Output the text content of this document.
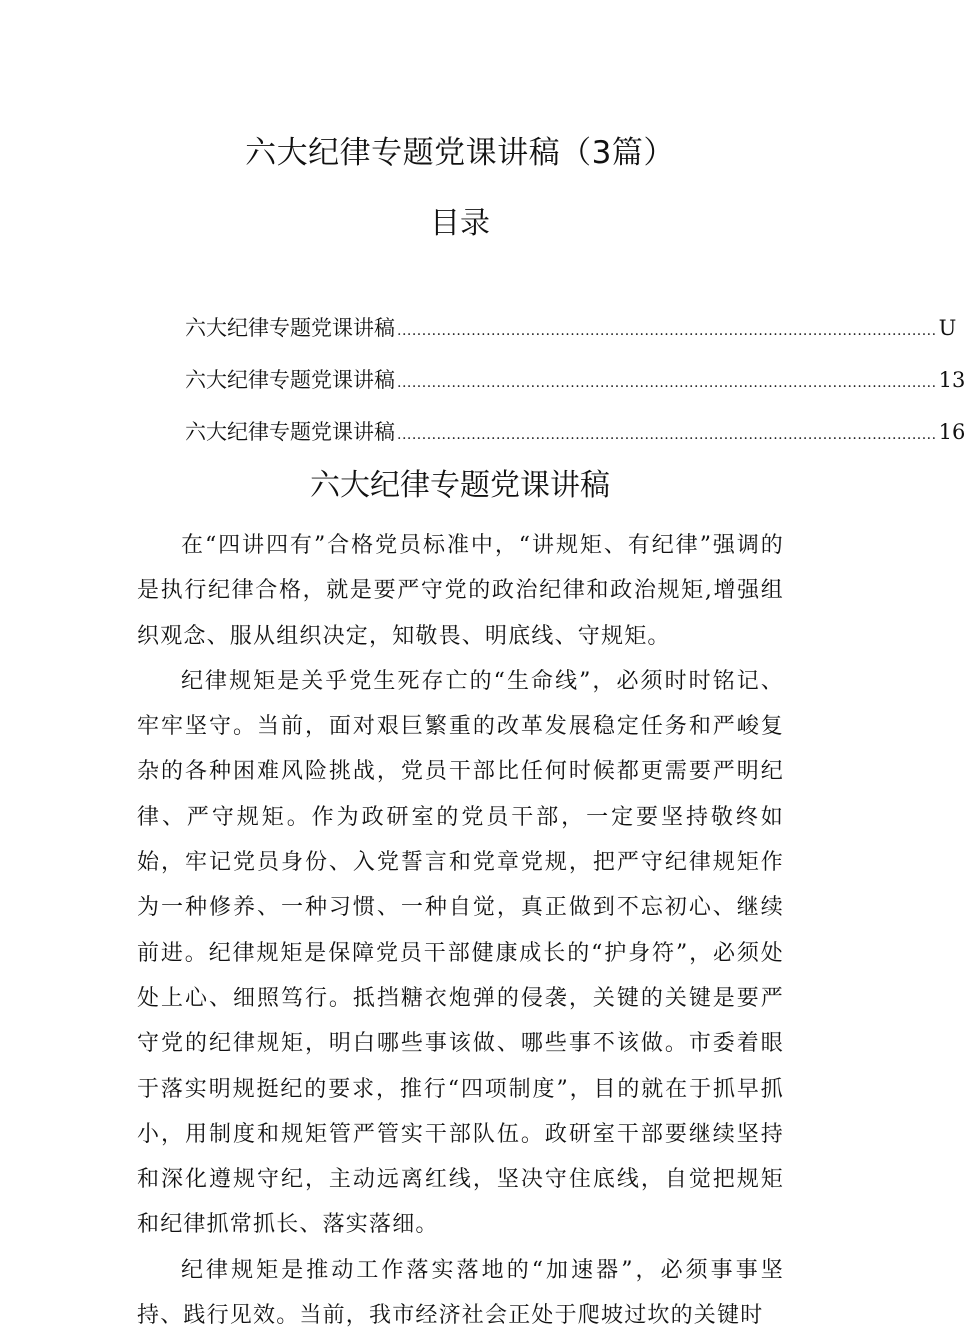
六大纪律专题党课讲稿（3篇）
目录
六大纪律专题党课讲稿 ............................................................................................................. U
六大纪律专题党课讲稿 ............................................................................................................. 13
六大纪律专题党课讲稿 ............................................................................................................. 16
六大纪律专题党课讲稿

在“四讲四有”合格党员标准中，“讲规矩、有纪律”强调的是执行纪律合格，就是要严守党的政治纪律和政治规矩,增强组织观念、服从组织决定，知敬畏、明底线、守规矩。

纪律规矩是关乎党生死存亡的“生命线”，必须时时铭记、牢牢坚守。当前，面对艰巨繁重的改革发展稳定任务和严峻复杂的各种困难风险挑战，党员干部比任何时候都更需要严明纪律、严守规矩。作为政研室的党员干部，一定要坚持敬终如始，牢记党员身份、入党誓言和党章党规，把严守纪律规矩作为一种修养、一种习惯、一种自觉，真正做到不忘初心、继续前进。纪律规矩是保障党员干部健康成长的“护身符”，必须处处上心、细照笃行。抵挡糖衣炮弹的侵袭，关键的关键是要严守党的纪律规矩，明白哪些事该做、哪些事不该做。市委着眼于落实明规挺纪的要求，推行“四项制度”，目的就在于抓早抓小，用制度和规矩管严管实干部队伍。政研室干部要继续坚持和深化遵规守纪，主动远离红线，坚决守住底线，自觉把规矩和纪律抓常抓长、落实落细。

纪律规矩是推动工作落实落地的“加速器”，必须事事坚持、践行见效。当前，我市经济社会正处于爬坡过坎的关键时
